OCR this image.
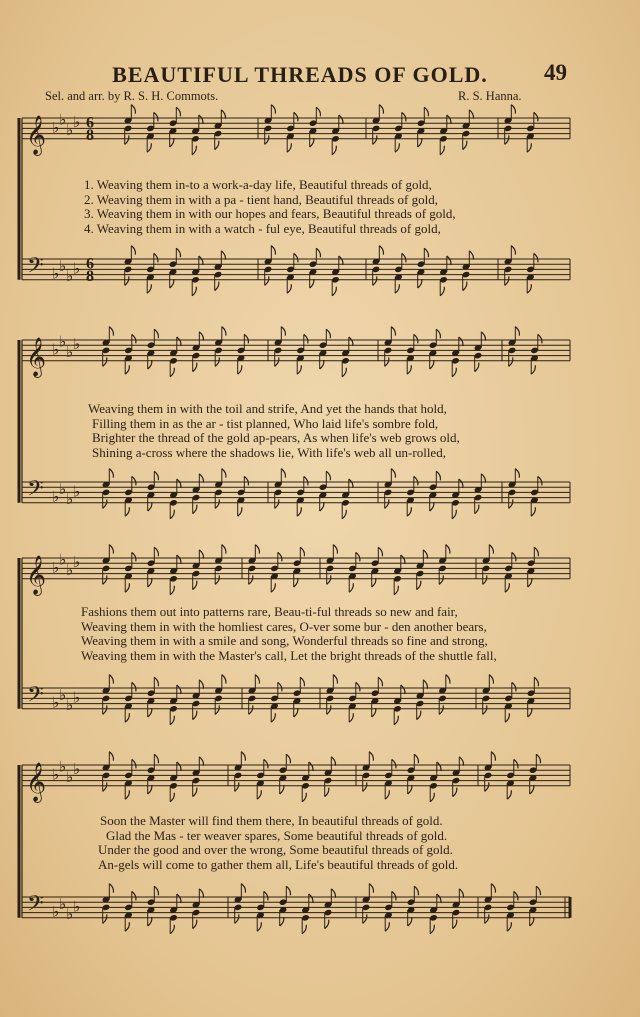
BEAUTIFUL THREADS OF GOLD.	49
Sel. and arr. by R. S. H. Commots.	R. S. Hanna.
𝄞 ♭ ♭
♭ ♭ 6
8
𝄢 ♭ ♭
♭ ♭ 6
8
𝄞 ♭ ♭
♭ ♭
𝄢 ♭ ♭
♭ ♭
𝄞 ♭ ♭
♭ ♭
𝄢 ♭ ♭
♭ ♭
𝄞 ♭ ♭
♭ ♭
𝄢 ♭ ♭
♭ ♭
1. Weaving them in-to a work-a-day life, Beautiful threads of gold,
2. Weaving them in with a pa - tient hand, Beautiful threads of gold,
3. Weaving them in with our hopes and fears, Beautiful threads of gold,
4. Weaving them in with a watch - ful eye, Beautiful threads of gold,
Weaving them in with the toil and strife, And yet the hands that hold,
Filling them in as the ar - tist planned, Who laid life's sombre fold,
Brighter the thread of the gold ap-pears, As when life's web grows old,
Shining a-cross where the shadows lie, With life's web all un-rolled,
Fashions them out into patterns rare, Beau-ti-ful threads so new and fair,
Weaving them in with the homliest cares, O-ver some bur - den another bears,
Weaving them in with a smile and song, Wonderful threads so fine and strong,
Weaving them in with the Master's call, Let the bright threads of the shuttle fall,
Soon the Master will find them there, In beautiful threads of gold.
Glad the Mas - ter weaver spares, Some beautiful threads of gold.
Under the good and over the wrong, Some beautiful threads of gold.
An-gels will come to gather them all, Life's beautiful threads of gold.
